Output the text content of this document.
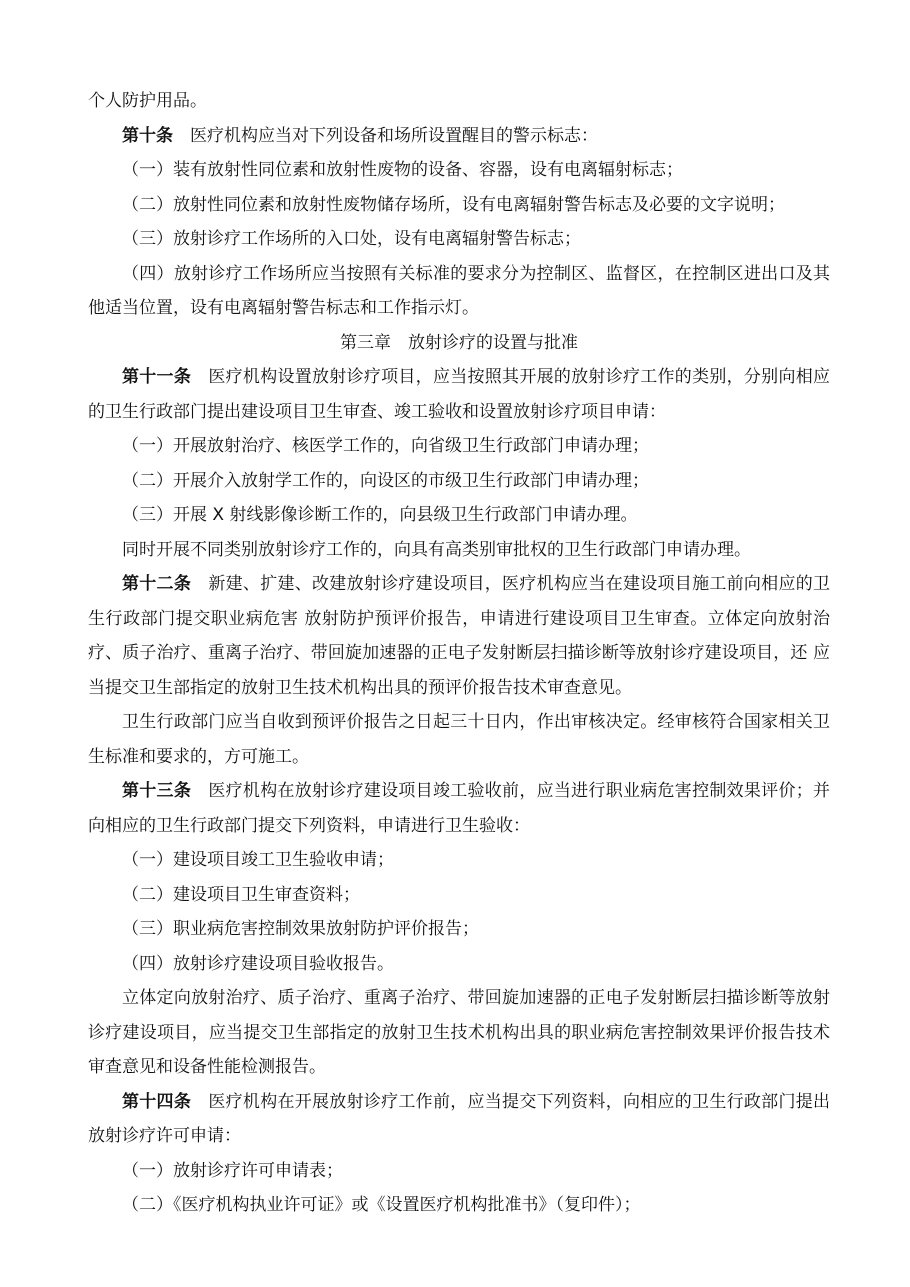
个人防护用品。

第十条 医疗机构应当对下列设备和场所设置醒目的警示标志：

（一）装有放射性同位素和放射性废物的设备、容器，设有电离辐射标志；

（二）放射性同位素和放射性废物储存场所，设有电离辐射警告标志及必要的文字说明；

（三）放射诊疗工作场所的入口处，设有电离辐射警告标志；

（四）放射诊疗工作场所应当按照有关标准的要求分为控制区、监督区，在控制区进出口及其他适当位置，设有电离辐射警告标志和工作指示灯。

第三章　放射诊疗的设置与批准

第十一条 医疗机构设置放射诊疗项目，应当按照其开展的放射诊疗工作的类别，分别向相应的卫生行政部门提出建设项目卫生审查、竣工验收和设置放射诊疗项目申请：

（一）开展放射治疗、核医学工作的，向省级卫生行政部门申请办理；

（二）开展介入放射学工作的，向设区的市级卫生行政部门申请办理；

（三）开展 X 射线影像诊断工作的，向县级卫生行政部门申请办理。

同时开展不同类别放射诊疗工作的，向具有高类别审批权的卫生行政部门申请办理。

第十二条 新建、扩建、改建放射诊疗建设项目，医疗机构应当在建设项目施工前向相应的卫生行政部门提交职业病危害 放射防护预评价报告，申请进行建设项目卫生审查。立体定向放射治疗、质子治疗、重离子治疗、带回旋加速器的正电子发射断层扫描诊断等放射诊疗建设项目，还 应当提交卫生部指定的放射卫生技术机构出具的预评价报告技术审查意见。

卫生行政部门应当自收到预评价报告之日起三十日内，作出审核决定。经审核符合国家相关卫生标准和要求的，方可施工。

第十三条 医疗机构在放射诊疗建设项目竣工验收前，应当进行职业病危害控制效果评价；并向相应的卫生行政部门提交下列资料，申请进行卫生验收：

（一）建设项目竣工卫生验收申请；

（二）建设项目卫生审查资料；

（三）职业病危害控制效果放射防护评价报告；

（四）放射诊疗建设项目验收报告。

立体定向放射治疗、质子治疗、重离子治疗、带回旋加速器的正电子发射断层扫描诊断等放射诊疗建设项目，应当提交卫生部指定的放射卫生技术机构出具的职业病危害控制效果评价报告技术审查意见和设备性能检测报告。

第十四条 医疗机构在开展放射诊疗工作前，应当提交下列资料，向相应的卫生行政部门提出放射诊疗许可申请：

（一）放射诊疗许可申请表；

（二）《医疗机构执业许可证》或《设置医疗机构批准书》（复印件）；
